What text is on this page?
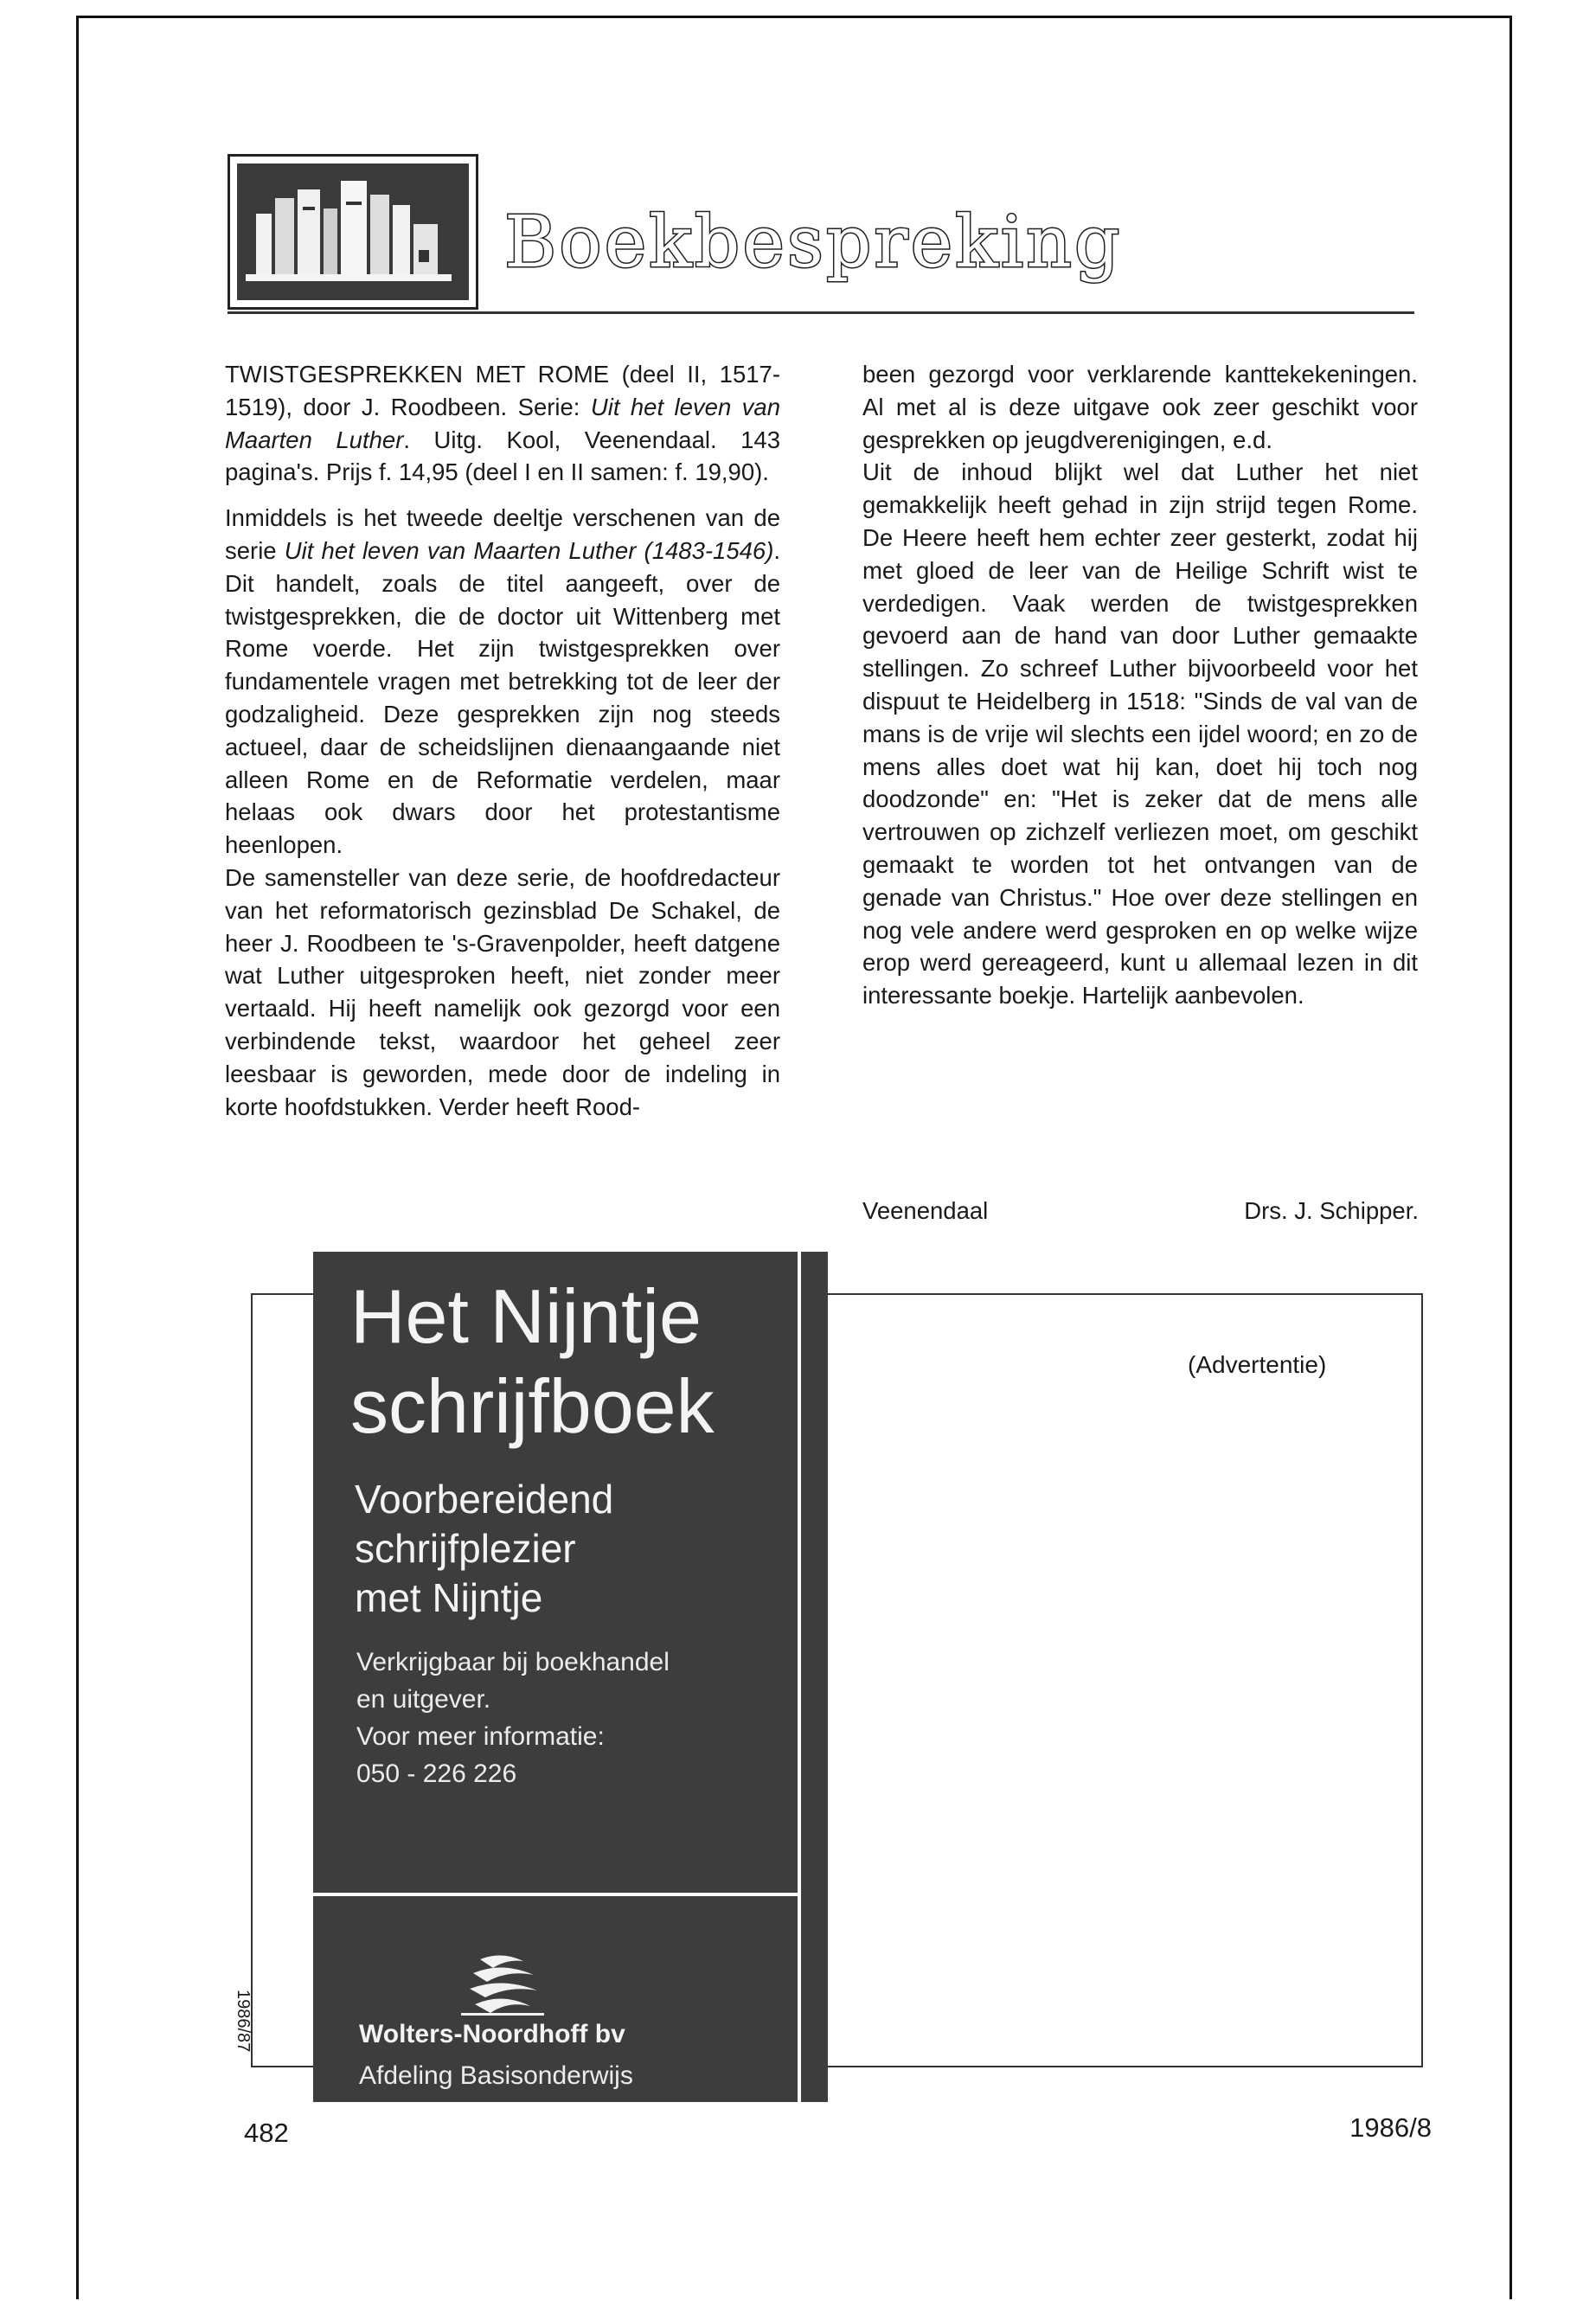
Boekbespreking

TWISTGESPREKKEN MET ROME (deel II, 1517-1519), door J. Roodbeen. Serie: Uit het leven van Maarten Luther. Uitg. Kool, Veenendaal. 143 pagina's. Prijs f. 14,95 (deel I en II samen: f. 19,90).

Inmiddels is het tweede deeltje verschenen van de serie Uit het leven van Maarten Luther (1483-1546). Dit handelt, zoals de titel aangeeft, over de twistgesprekken, die de doctor uit Wittenberg met Rome voerde. Het zijn twistgesprekken over fundamentele vragen met betrekking tot de leer der godzaligheid. Deze gesprekken zijn nog steeds actueel, daar de scheidslijnen dienaangaande niet alleen Rome en de Reformatie verdelen, maar helaas ook dwars door het protestantisme heenlopen.

De samensteller van deze serie, de hoofdredacteur van het reformatorisch gezinsblad De Schakel, de heer J. Roodbeen te 's-Gravenpolder, heeft datgene wat Luther uitgesproken heeft, niet zonder meer vertaald. Hij heeft namelijk ook gezorgd voor een verbindende tekst, waardoor het geheel zeer leesbaar is geworden, mede door de indeling in korte hoofdstukken. Verder heeft Rood-

been gezorgd voor verklarende kanttekekeningen. Al met al is deze uitgave ook zeer geschikt voor gesprekken op jeugdverenigingen, e.d.

Uit de inhoud blijkt wel dat Luther het niet gemakkelijk heeft gehad in zijn strijd tegen Rome. De Heere heeft hem echter zeer gesterkt, zodat hij met gloed de leer van de Heilige Schrift wist te verdedigen. Vaak werden de twistgesprekken gevoerd aan de hand van door Luther gemaakte stellingen. Zo schreef Luther bijvoorbeeld voor het dispuut te Heidelberg in 1518: "Sinds de val van de mans is de vrije wil slechts een ijdel woord; en zo de mens alles doet wat hij kan, doet hij toch nog doodzonde" en: "Het is zeker dat de mens alle vertrouwen op zichzelf verliezen moet, om geschikt gemaakt te worden tot het ontvangen van de genade van Christus." Hoe over deze stellingen en nog vele andere werd gesproken en op welke wijze erop werd gereageerd, kunt u allemaal lezen in dit interessante boekje. Hartelijk aanbevolen.

Veenendaal	Drs. J. Schipper.
(Advertentie)
Het Nijntje
schrijfboek
Voorbereidend
schrijfplezier
met Nijntje
Verkrijgbaar bij boekhandel
en uitgever.
Voor meer informatie:
050 - 226 226
Wolters-Noordhoff bv
Afdeling Basisonderwijs
1986/87
482	1986/8
